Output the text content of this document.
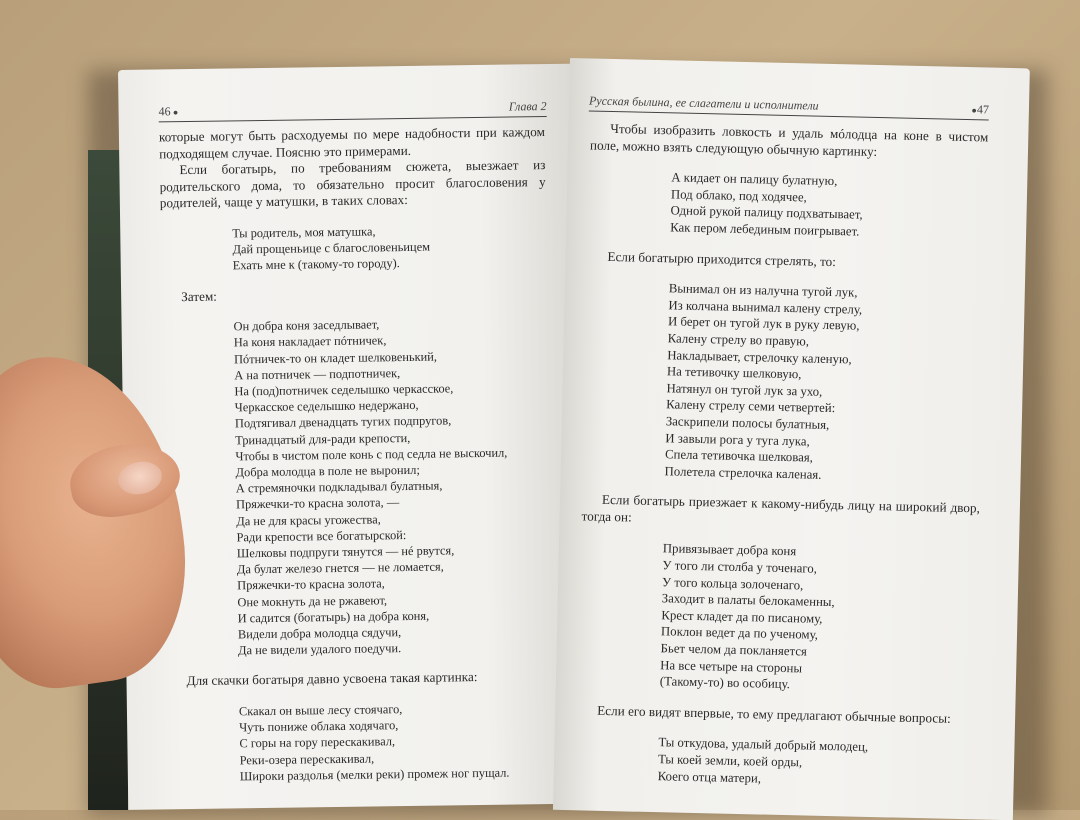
46 ●	Глава 2

которые могут быть расходуемы по мере надобности при каждом подходящем случае. Поясню это примерами.

Если богатырь, по требованиям сюжета, выезжает из родительского дома, то обязательно просит благословения у родителей, чаще у матушки, в таких словах:

Ты родитель, моя матушка,
Дай прощеньице с благословеньицем
Ехать мне к (такому-то городу).

Затем:

Он добра коня заседлывает,
На коня накладает пóтничек,
Пóтничек-то он кладет шелковенький,
А на потничек — подпотничек,
На (под)потничек седелышко черкасское,
Черкасское седелышко недержано,
Подтягивал двенадцать тугих подпругов,
Тринадцатый для-ради крепости,
Чтобы в чистом поле конь с под седла не выскочил,
Добра молодца в поле не выронил;
А стремяночки подкладывал булатныя,
Пряжечки-то красна золота, —
Да не для красы угожества,
Ради крепости все богатырской:
Шелковы подпруги тянутся — нé рвутся,
Да булат железо гнется — не ломается,
Пряжечки-то красна золота,
Оне мокнуть да не ржавеют,
И садится (богатырь) на добра коня,
Видели добра молодца сядучи,
Да не видели удалого поедучи.

Для скачки богатыря давно усвоена такая картинка:

Скакал он выше лесу стоячаго,
Чуть пониже облака ходячаго,
С горы на гору перескакивал,
Реки-озера перескакивал,
Широки раздолья (мелки реки) промеж ног пущал.
Русская былина, ее слагатели и исполнители
●	47

Чтобы изобразить ловкость и удаль мóлодца на коне в чистом поле, можно взять следующую обычную картинку:

А кидает он палицу булатную,
Под облако, под ходячее,
Одной рукой палицу подхватывает,
Как пером лебединым поигрывает.

Если богатырю приходится стрелять, то:

Вынимал он из налучна тугой лук,
Из колчана вынимал калену стрелу,
И берет он тугой лук в руку левую,
Калену стрелу во правую,
Накладывает, стрелочку каленую,
На тетивочку шелковую,
Натянул он тугой лук за ухо,
Калену стрелу семи четвертей:
Заскрипели полосы булатныя,
И завыли рога у туга лука,
Спела тетивочка шелковая,
Полетела стрелочка каленая.

Если богатырь приезжает к какому-нибудь лицу на широкий двор, тогда он:

Привязывает добра коня
У того ли столба у точенаго,
У того кольца золоченаго,
Заходит в палаты белокаменны,
Крест кладет да по писаному,
Поклон ведет да по ученому,
Бьет челом да покланяется
На все четыре на стороны
(Такому-то) во особицу.

Если его видят впервые, то ему предлагают обычные вопросы:

Ты откудова, удалый добрый молодец,
Ты коей земли, коей орды,
Коего отца матери,
